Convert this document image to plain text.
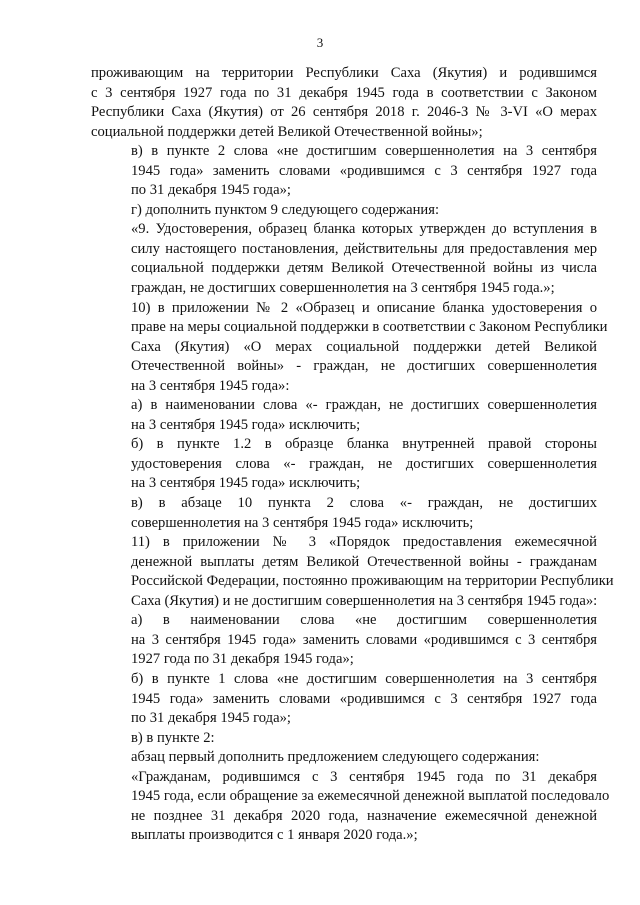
3

проживающим на территории Республики Саха (Якутия) и родившимся
с 3 сентября 1927 года по 31 декабря 1945 года в соответствии с Законом
Республики Саха (Якутия) от 26 сентября 2018 г. 2046-З № 3-VI «О мерах
социальной поддержки детей Великой Отечественной войны»;

в) в пункте 2 слова «не достигшим совершеннолетия на 3 сентября
1945 года» заменить словами «родившимся с 3 сентября 1927 года
по 31 декабря 1945 года»;

г) дополнить пунктом 9 следующего содержания:

«9. Удостоверения, образец бланка которых утвержден до вступления в
силу настоящего постановления, действительны для предоставления мер
социальной поддержки детям Великой Отечественной войны из числа
граждан, не достигших совершеннолетия на 3 сентября 1945 года.»;

10) в приложении № 2 «Образец и описание бланка удостоверения о
праве на меры социальной поддержки в соответствии с Законом Республики
Саха (Якутия) «О мерах социальной поддержки детей Великой
Отечественной войны» - граждан, не достигших совершеннолетия
на 3 сентября 1945 года»:

а) в наименовании слова «- граждан, не достигших совершеннолетия
на 3 сентября 1945 года» исключить;

б) в пункте 1.2 в образце бланка внутренней правой стороны
удостоверения слова «- граждан, не достигших совершеннолетия
на 3 сентября 1945 года» исключить;

в) в абзаце 10 пункта 2 слова «- граждан, не достигших
совершеннолетия на 3 сентября 1945 года» исключить;

11) в приложении № 3 «Порядок предоставления ежемесячной
денежной выплаты детям Великой Отечественной войны - гражданам
Российской Федерации, постоянно проживающим на территории Республики
Саха (Якутия) и не достигшим совершеннолетия на 3 сентября 1945 года»:

а) в наименовании слова «не достигшим совершеннолетия
на 3 сентября 1945 года» заменить словами «родившимся с 3 сентября
1927 года по 31 декабря 1945 года»;

б) в пункте 1 слова «не достигшим совершеннолетия на 3 сентября
1945 года» заменить словами «родившимся с 3 сентября 1927 года
по 31 декабря 1945 года»;

в) в пункте 2:

абзац первый дополнить предложением следующего содержания:

«Гражданам, родившимся с 3 сентября 1945 года по 31 декабря
1945 года, если обращение за ежемесячной денежной выплатой последовало
не позднее 31 декабря 2020 года, назначение ежемесячной денежной
выплаты производится с 1 января 2020 года.»;
